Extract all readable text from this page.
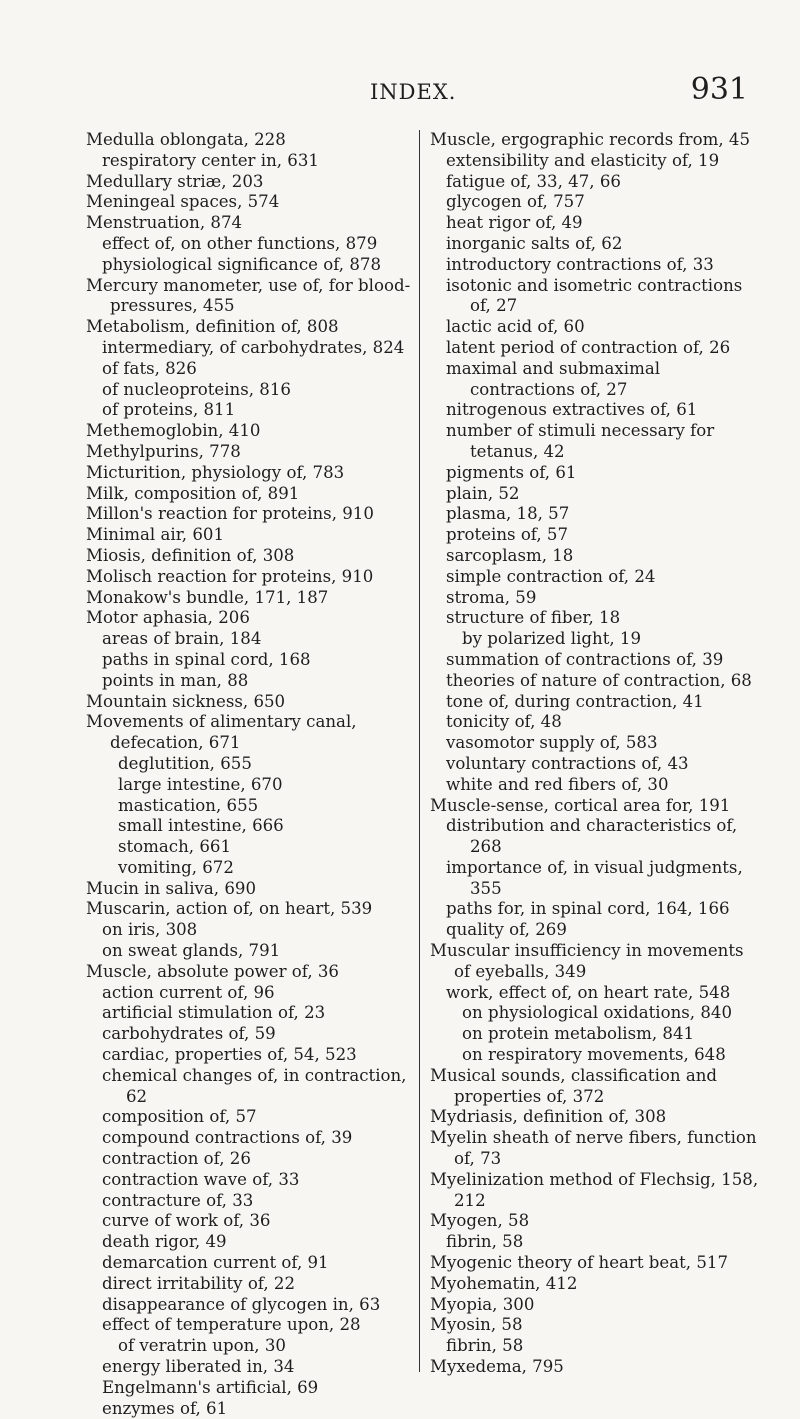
INDEX.	931
Medulla oblongata, 228
respiratory center in, 631
Medullary striæ, 203
Meningeal spaces, 574
Menstruation, 874
effect of, on other functions, 879
physiological significance of, 878
Mercury manometer, use of, for blood-pressures, 455
Metabolism, definition of, 808
intermediary, of carbohydrates, 824
of fats, 826
of nucleoproteins, 816
of proteins, 811
Methemoglobin, 410
Methylpurins, 778
Micturition, physiology of, 783
Milk, composition of, 891
Millon's reaction for proteins, 910
Minimal air, 601
Miosis, definition of, 308
Molisch reaction for proteins, 910
Monakow's bundle, 171, 187
Motor aphasia, 206
areas of brain, 184
paths in spinal cord, 168
points in man, 88
Mountain sickness, 650
Movements of alimentary canal, defecation, 671
deglutition, 655
large intestine, 670
mastication, 655
small intestine, 666
stomach, 661
vomiting, 672
Mucin in saliva, 690
Muscarin, action of, on heart, 539
on iris, 308
on sweat glands, 791
Muscle, absolute power of, 36
action current of, 96
artificial stimulation of, 23
carbohydrates of, 59
cardiac, properties of, 54, 523
chemical changes of, in contraction, 62
composition of, 57
compound contractions of, 39
contraction of, 26
contraction wave of, 33
contracture of, 33
curve of work of, 36
death rigor, 49
demarcation current of, 91
direct irritability of, 22
disappearance of glycogen in, 63
effect of temperature upon, 28
of veratrin upon, 30
energy liberated in, 34
Engelmann's artificial, 69
enzymes of, 61
Muscle, ergographic records from, 45
extensibility and elasticity of, 19
fatigue of, 33, 47, 66
glycogen of, 757
heat rigor of, 49
inorganic salts of, 62
introductory contractions of, 33
isotonic and isometric contractions of, 27
lactic acid of, 60
latent period of contraction of, 26
maximal and submaximal contractions of, 27
nitrogenous extractives of, 61
number of stimuli necessary for tetanus, 42
pigments of, 61
plain, 52
plasma, 18, 57
proteins of, 57
sarcoplasm, 18
simple contraction of, 24
stroma, 59
structure of fiber, 18
by polarized light, 19
summation of contractions of, 39
theories of nature of contraction, 68
tone of, during contraction, 41
tonicity of, 48
vasomotor supply of, 583
voluntary contractions of, 43
white and red fibers of, 30
Muscle-sense, cortical area for, 191
distribution and characteristics of, 268
importance of, in visual judgments, 355
paths for, in spinal cord, 164, 166
quality of, 269
Muscular insufficiency in movements of eyeballs, 349
work, effect of, on heart rate, 548
on physiological oxidations, 840
on protein metabolism, 841
on respiratory movements, 648
Musical sounds, classification and properties of, 372
Mydriasis, definition of, 308
Myelin sheath of nerve fibers, function of, 73
Myelinization method of Flechsig, 158, 212
Myogen, 58
fibrin, 58
Myogenic theory of heart beat, 517
Myohematin, 412
Myopia, 300
Myosin, 58
fibrin, 58
Myxedema, 795
